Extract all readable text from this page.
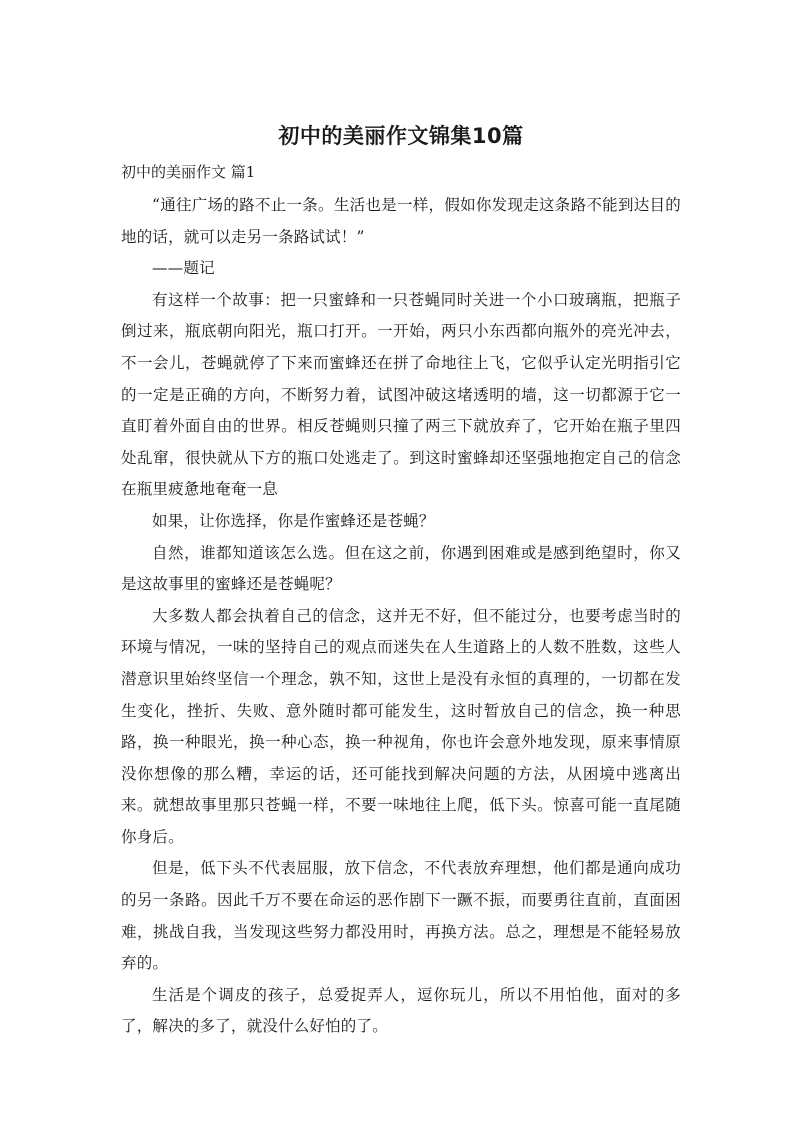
初中的美丽作文锦集10篇
初中的美丽作文 篇1

“通往广场的路不止一条。生活也是一样，假如你发现走这条路不能到达目的地的话，就可以走另一条路试试！”

——题记

有这样一个故事：把一只蜜蜂和一只苍蝇同时关进一个小口玻璃瓶，把瓶子倒过来，瓶底朝向阳光，瓶口打开。一开始，两只小东西都向瓶外的亮光冲去，不一会儿，苍蝇就停了下来而蜜蜂还在拼了命地往上飞，它似乎认定光明指引它的一定是正确的方向，不断努力着，试图冲破这堵透明的墙，这一切都源于它一直盯着外面自由的世界。相反苍蝇则只撞了两三下就放弃了，它开始在瓶子里四处乱窜，很快就从下方的瓶口处逃走了。到这时蜜蜂却还坚强地抱定自己的信念在瓶里疲惫地奄奄一息

如果，让你选择，你是作蜜蜂还是苍蝇？

自然，谁都知道该怎么选。但在这之前，你遇到困难或是感到绝望时，你又是这故事里的蜜蜂还是苍蝇呢？

大多数人都会执着自己的信念，这并无不好，但不能过分，也要考虑当时的环境与情况，一味的坚持自己的观点而迷失在人生道路上的人数不胜数，这些人潜意识里始终坚信一个理念，孰不知，这世上是没有永恒的真理的，一切都在发生变化，挫折、失败、意外随时都可能发生，这时暂放自己的信念，换一种思路，换一种眼光，换一种心态，换一种视角，你也许会意外地发现，原来事情原没你想像的那么糟，幸运的话，还可能找到解决问题的方法，从困境中逃离出来。就想故事里那只苍蝇一样，不要一味地往上爬，低下头。惊喜可能一直尾随你身后。

但是，低下头不代表屈服，放下信念，不代表放弃理想，他们都是通向成功的另一条路。因此千万不要在命运的恶作剧下一蹶不振，而要勇往直前，直面困难，挑战自我，当发现这些努力都没用时，再换方法。总之，理想是不能轻易放弃的。

生活是个调皮的孩子，总爱捉弄人，逗你玩儿，所以不用怕他，面对的多了，解决的多了，就没什么好怕的了。
